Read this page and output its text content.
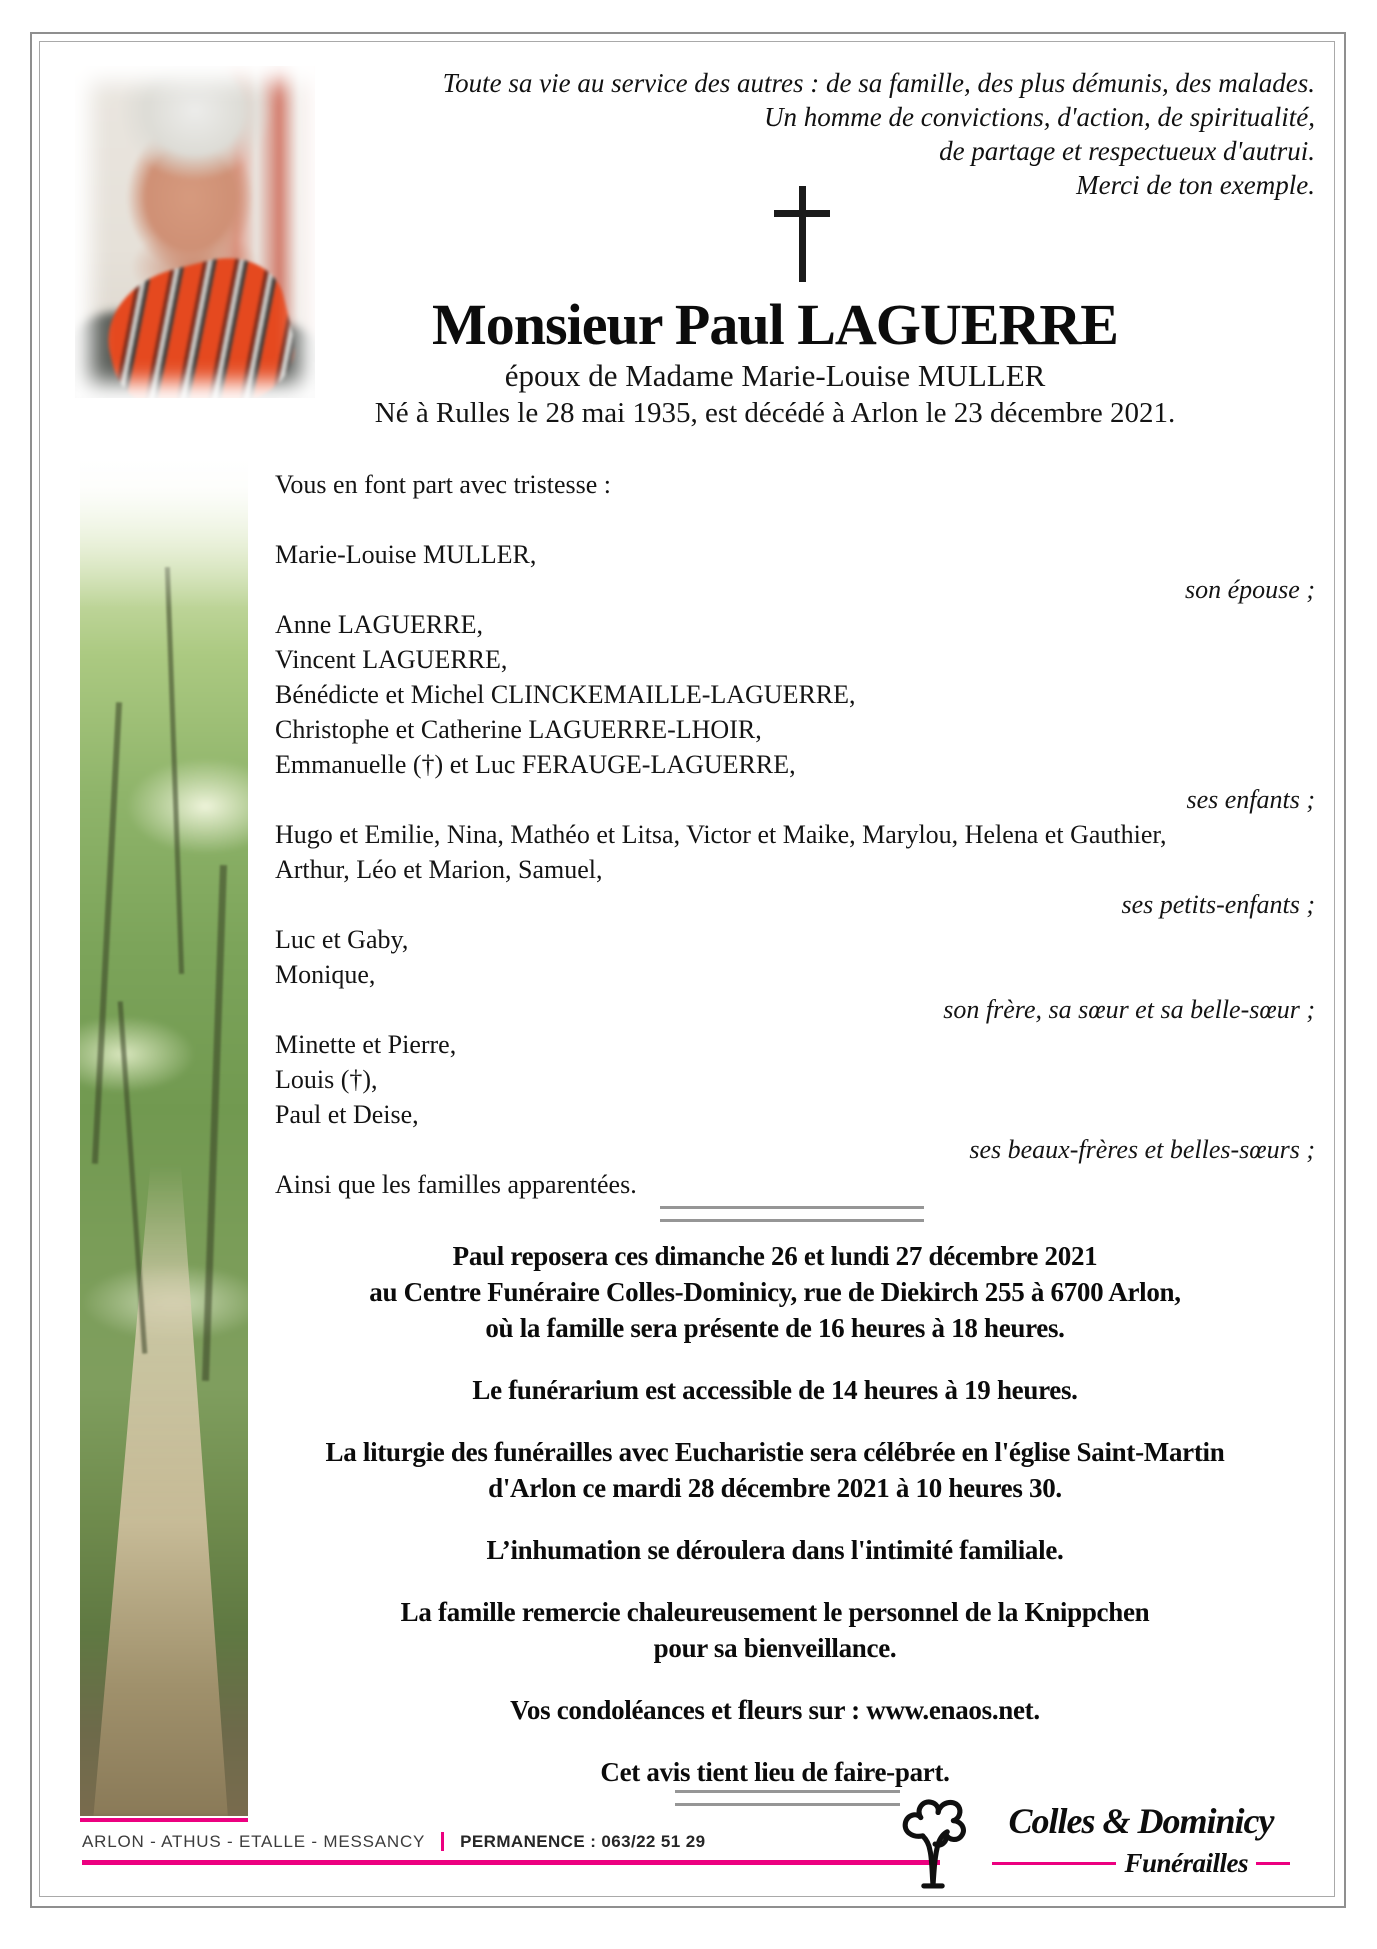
Toute sa vie au service des autres : de sa famille, des plus démunis, des malades.
Un homme de convictions, d'action, de spiritualité,
de partage et respectueux d'autrui.
Merci de ton exemple.
Monsieur Paul LAGUERRE
époux de Madame Marie-Louise MULLER
Né à Rulles le 28 mai 1935, est décédé à Arlon le 23 décembre 2021.
Vous en font part avec tristesse :
Marie-Louise MULLER,
son épouse ;
Anne LAGUERRE,
Vincent LAGUERRE,
Bénédicte et Michel CLINCKEMAILLE-LAGUERRE,
Christophe et Catherine LAGUERRE-LHOIR,
Emmanuelle (†) et Luc FERAUGE-LAGUERRE,
ses enfants ;
Hugo et Emilie, Nina, Mathéo et Litsa, Victor et Maike, Marylou, Helena et Gauthier,
Arthur, Léo et Marion, Samuel,
ses petits-enfants ;
Luc et Gaby,
Monique,
son frère, sa sœur et sa belle-sœur ;
Minette et Pierre,
Louis (†),
Paul et Deise,
ses beaux-frères et belles-sœurs ;
Ainsi que les familles apparentées.
Paul reposera ces dimanche 26 et lundi 27 décembre 2021
au Centre Funéraire Colles-Dominicy, rue de Diekirch 255 à 6700 Arlon,
où la famille sera présente de 16 heures à 18 heures.
Le funérarium est accessible de 14 heures à 19 heures.
La liturgie des funérailles avec Eucharistie sera célébrée en l'église Saint-Martin
d'Arlon ce mardi 28 décembre 2021 à 10 heures 30.
L’inhumation se déroulera dans l'intimité familiale.
La famille remercie chaleureusement le personnel de la Knippchen
pour sa bienveillance.
Vos condoléances et fleurs sur : www.enaos.net.
Cet avis tient lieu de faire-part.
ARLON - ATHUS - ETALLE - MESSANCY PERMANENCE : 063/22 51 29
Colles & Dominicy
Funérailles
